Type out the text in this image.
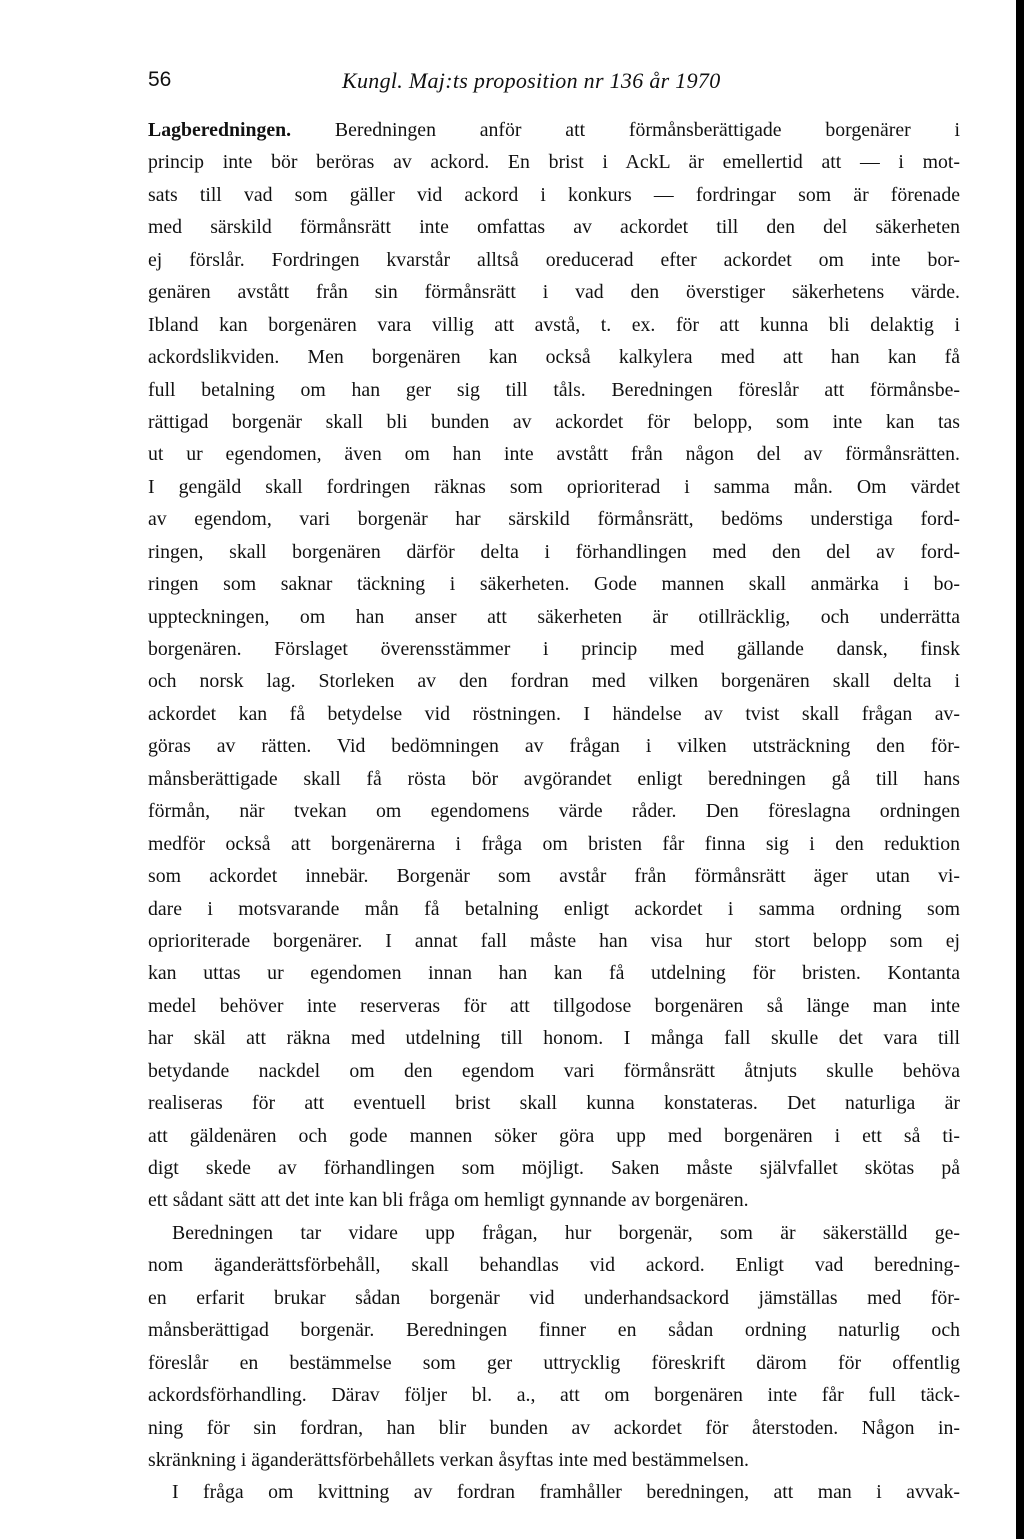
56	Kungl. Maj:ts proposition nr 136 år 1970
Lagberedningen. Beredningen anför att förmånsberättigade borgenärer i
princip inte bör beröras av ackord. En brist i AckL är emellertid att — i mot-
sats till vad som gäller vid ackord i konkurs — fordringar som är förenade
med särskild förmånsrätt inte omfattas av ackordet till den del säkerheten
ej förslår. Fordringen kvarstår alltså oreducerad efter ackordet om inte bor-
genären avstått från sin förmånsrätt i vad den överstiger säkerhetens värde.
Ibland kan borgenären vara villig att avstå, t. ex. för att kunna bli delaktig i
ackordslikviden. Men borgenären kan också kalkylera med att han kan få
full betalning om han ger sig till tåls. Beredningen föreslår att förmånsbe-
rättigad borgenär skall bli bunden av ackordet för belopp, som inte kan tas
ut ur egendomen, även om han inte avstått från någon del av förmånsrätten.
I gengäld skall fordringen räknas som oprioriterad i samma mån. Om värdet
av egendom, vari borgenär har särskild förmånsrätt, bedöms understiga ford-
ringen, skall borgenären därför delta i förhandlingen med den del av ford-
ringen som saknar täckning i säkerheten. Gode mannen skall anmärka i bo-
uppteckningen, om han anser att säkerheten är otillräcklig, och underrätta
borgenären. Förslaget överensstämmer i princip med gällande dansk, finsk
och norsk lag. Storleken av den fordran med vilken borgenären skall delta i
ackordet kan få betydelse vid röstningen. I händelse av tvist skall frågan av-
göras av rätten. Vid bedömningen av frågan i vilken utsträckning den för-
månsberättigade skall få rösta bör avgörandet enligt beredningen gå till hans
förmån, när tvekan om egendomens värde råder. Den föreslagna ordningen
medför också att borgenärerna i fråga om bristen får finna sig i den reduktion
som ackordet innebär. Borgenär som avstår från förmånsrätt äger utan vi-
dare i motsvarande mån få betalning enligt ackordet i samma ordning som
oprioriterade borgenärer. I annat fall måste han visa hur stort belopp som ej
kan uttas ur egendomen innan han kan få utdelning för bristen. Kontanta
medel behöver inte reserveras för att tillgodose borgenären så länge man inte
har skäl att räkna med utdelning till honom. I många fall skulle det vara till
betydande nackdel om den egendom vari förmånsrätt åtnjuts skulle behöva
realiseras för att eventuell brist skall kunna konstateras. Det naturliga är
att gäldenären och gode mannen söker göra upp med borgenären i ett så ti-
digt skede av förhandlingen som möjligt. Saken måste självfallet skötas på
ett sådant sätt att det inte kan bli fråga om hemligt gynnande av borgenären.
Beredningen tar vidare upp frågan, hur borgenär, som är säkerställd ge-
nom äganderättsförbehåll, skall behandlas vid ackord. Enligt vad beredning-
en erfarit brukar sådan borgenär vid underhandsackord jämställas med för-
månsberättigad borgenär. Beredningen finner en sådan ordning naturlig och
föreslår en bestämmelse som ger uttrycklig föreskrift därom för offentlig
ackordsförhandling. Därav följer bl. a., att om borgenären inte får full täck-
ning för sin fordran, han blir bunden av ackordet för återstoden. Någon in-
skränkning i äganderättsförbehållets verkan åsyftas inte med bestämmelsen.
I fråga om kvittning av fordran framhåller beredningen, att man i avvak-
